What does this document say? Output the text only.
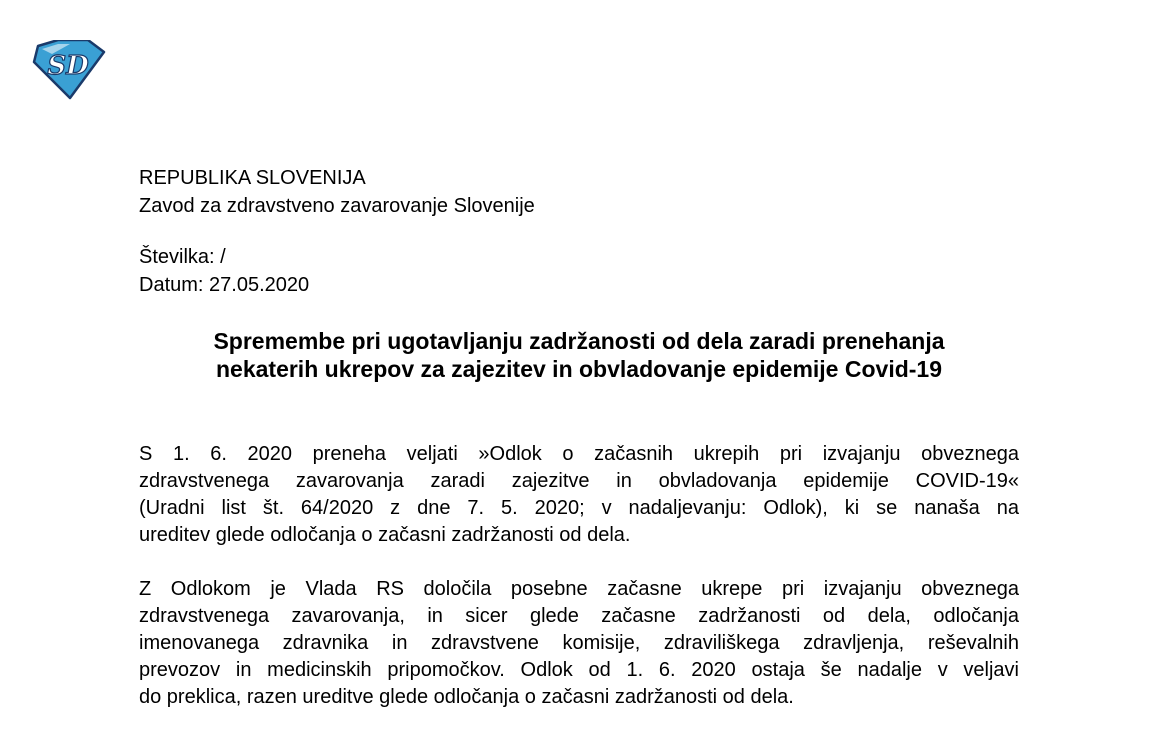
SD
REPUBLIKA SLOVENIJA
Zavod za zdravstveno zavarovanje Slovenije
Številka: /
Datum: 27.05.2020
Spremembe pri ugotavljanju zadržanosti od dela zaradi prenehanja
nekaterih ukrepov za zajezitev in obvladovanje epidemije Covid-19
S 1. 6. 2020 preneha veljati »Odlok o začasnih ukrepih pri izvajanju obveznega
zdravstvenega zavarovanja zaradi zajezitve in obvladovanja epidemije COVID-19«
(Uradni list št. 64/2020 z dne 7. 5. 2020; v nadaljevanju: Odlok), ki se nanaša na
ureditev glede odločanja o začasni zadržanosti od dela.
Z Odlokom je Vlada RS določila posebne začasne ukrepe pri izvajanju obveznega
zdravstvenega zavarovanja, in sicer glede začasne zadržanosti od dela, odločanja
imenovanega zdravnika in zdravstvene komisije, zdraviliškega zdravljenja, reševalnih
prevozov in medicinskih pripomočkov. Odlok od 1. 6. 2020 ostaja še nadalje v veljavi
do preklica, razen ureditve glede odločanja o začasni zadržanosti od dela.
